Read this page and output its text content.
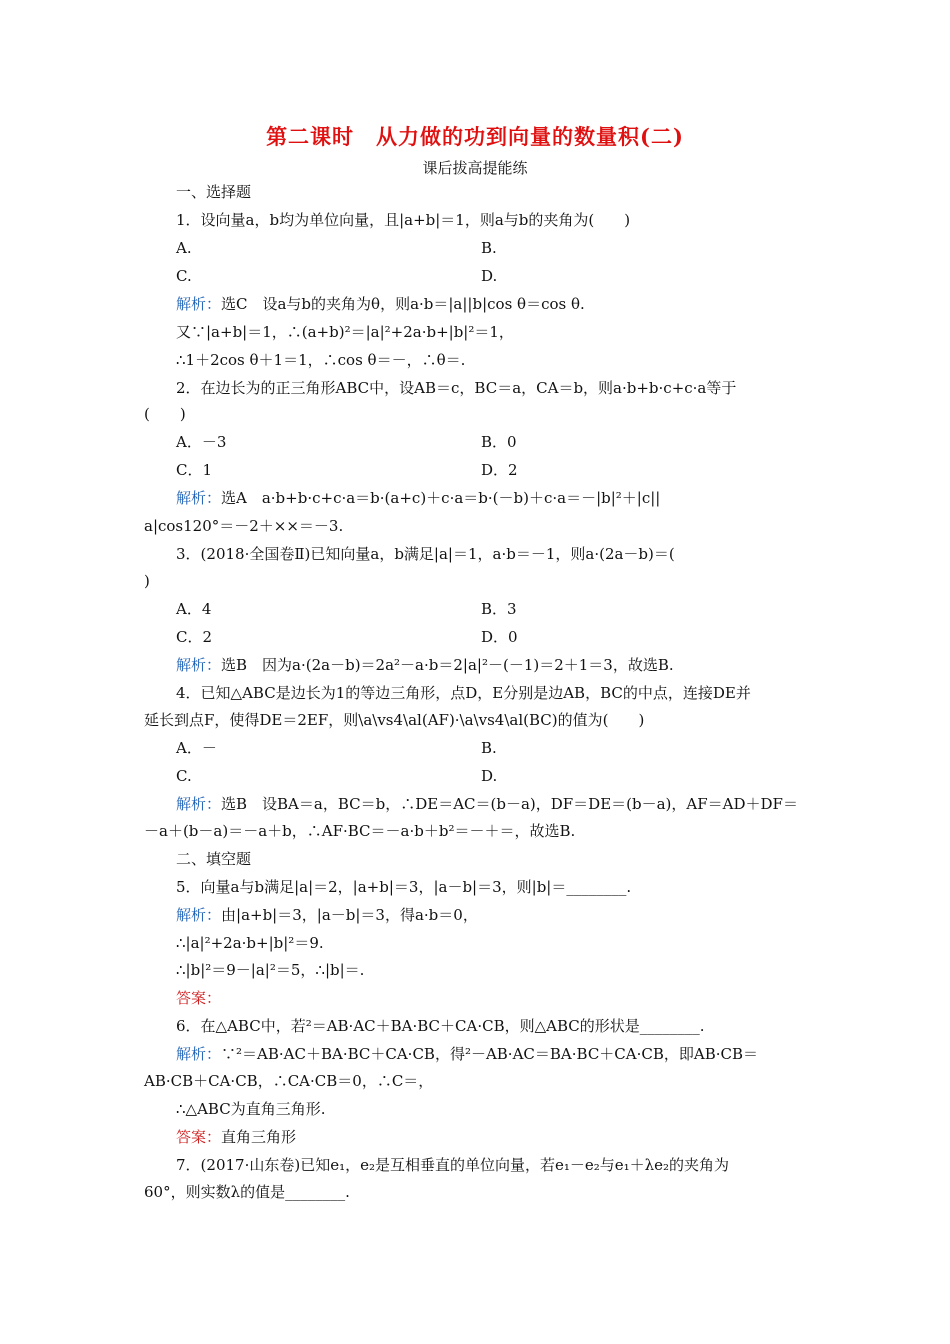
第二课时　从力做的功到向量的数量积(二)
课后拔高提能练
一、选择题
1．设向量a，b均为单位向量，且|a+b|＝1，则a与b的夹角为(　　)
A.	B.
C.	D.
解析：选C　设a与b的夹角为θ，则a·b＝|a||b|cos θ＝cos θ.
又∵|a+b|＝1，∴(a+b)²＝|a|²+2a·b+|b|²＝1，
∴1＋2cos θ＋1＝1，∴cos θ＝－，∴θ＝.
2．在边长为的正三角形ABC中，设AB＝c，BC＝a，CA＝b，则a·b+b·c+c·a等于
(　　)
A．－3	B．0
C．1	D．2
解析：选A　a·b+b·c+c·a＝b·(a+c)＋c·a＝b·(－b)＋c·a＝－|b|²＋|c||
a|cos120°＝－2＋××＝－3.
3．(2018·全国卷Ⅱ)已知向量a，b满足|a|＝1，a·b＝－1，则a·(2a－b)＝(
)
A．4	B．3
C．2	D．0
解析：选B　因为a·(2a－b)＝2a²－a·b＝2|a|²－(－1)＝2＋1＝3，故选B.
4．已知△ABC是边长为1的等边三角形，点D，E分别是边AB，BC的中点，连接DE并
延长到点F，使得DE＝2EF，则\a\vs4\al(AF)·\a\vs4\al(BC)的值为(　　)
A．－	B.
C.	D.
解析：选B　设BA＝a，BC＝b，∴DE＝AC＝(b－a)，DF＝DE＝(b－a)，AF＝AD＋DF＝
－a＋(b－a)＝－a＋b，∴AF·BC＝－a·b＋b²＝－＋＝，故选B.
二、填空题
5．向量a与b满足|a|＝2，|a+b|＝3，|a－b|＝3，则|b|＝________.
解析：由|a+b|＝3，|a－b|＝3，得a·b＝0，
∴|a|²+2a·b+|b|²＝9.
∴|b|²＝9－|a|²＝5，∴|b|＝.
答案：
6．在△ABC中，若²＝AB·AC＋BA·BC＋CA·CB，则△ABC的形状是________.
解析：∵²＝AB·AC＋BA·BC＋CA·CB，得²－AB·AC＝BA·BC＋CA·CB，即AB·CB＝
AB·CB＋CA·CB，∴CA·CB＝0，∴C＝，
∴△ABC为直角三角形.
答案：直角三角形
7．(2017·山东卷)已知e₁，e₂是互相垂直的单位向量，若e₁－e₂与e₁＋λe₂的夹角为
60°，则实数λ的值是________.
